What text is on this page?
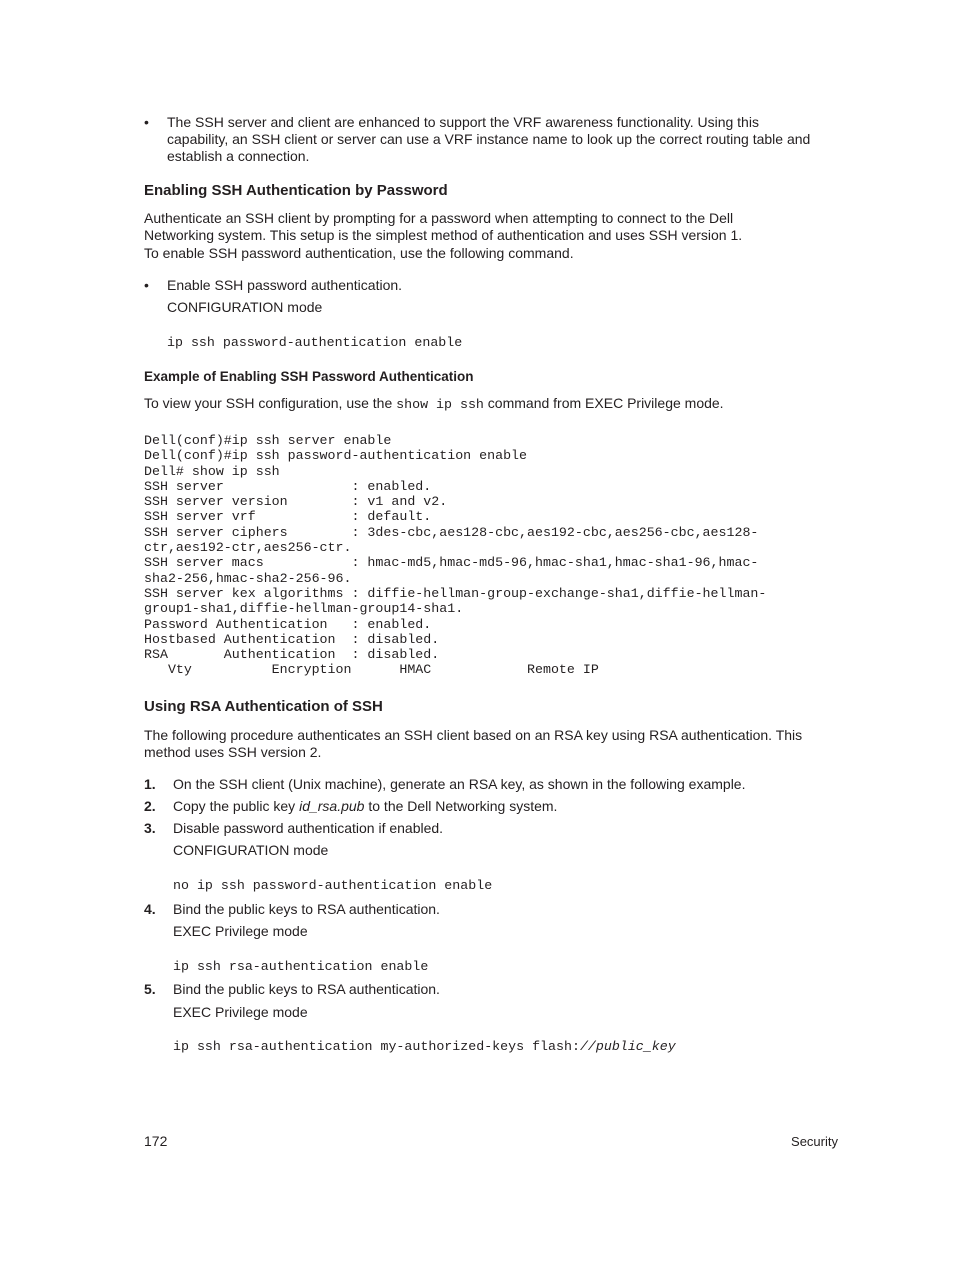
•	The SSH server and client are enhanced to support the VRF awareness functionality. Using this capability, an SSH client or server can use a VRF instance name to look up the correct routing table and establish a connection.
Enabling SSH Authentication by Password
Authenticate an SSH client by prompting for a password when attempting to connect to the Dell Networking system. This setup is the simplest method of authentication and uses SSH version 1.
To enable SSH password authentication, use the following command.
•	Enable SSH password authentication.
CONFIGURATION mode
ip ssh password-authentication enable
Example of Enabling SSH Password Authentication
To view your SSH configuration, use the show ip ssh command from EXEC Privilege mode.
Dell(conf)#ip ssh server enable
Dell(conf)#ip ssh password-authentication enable
Dell# show ip ssh
SSH server                : enabled.
SSH server version        : v1 and v2.
SSH server vrf            : default.
SSH server ciphers        : 3des-cbc,aes128-cbc,aes192-cbc,aes256-cbc,aes128-
ctr,aes192-ctr,aes256-ctr.
SSH server macs           : hmac-md5,hmac-md5-96,hmac-sha1,hmac-sha1-96,hmac-
sha2-256,hmac-sha2-256-96.
SSH server kex algorithms : diffie-hellman-group-exchange-sha1,diffie-hellman-
group1-sha1,diffie-hellman-group14-sha1.
Password Authentication   : enabled.
Hostbased Authentication  : disabled.
RSA       Authentication  : disabled.
Vty          Encryption      HMAC            Remote IP
Using RSA Authentication of SSH
The following procedure authenticates an SSH client based on an RSA key using RSA authentication. This method uses SSH version 2.
1. On the SSH client (Unix machine), generate an RSA key, as shown in the following example.
2. Copy the public key id_rsa.pub to the Dell Networking system.
3. Disable password authentication if enabled.
CONFIGURATION mode
no ip ssh password-authentication enable
4. Bind the public keys to RSA authentication.
EXEC Privilege mode
ip ssh rsa-authentication enable
5. Bind the public keys to RSA authentication.
EXEC Privilege mode
ip ssh rsa-authentication my-authorized-keys flash://public_key
172	Security
